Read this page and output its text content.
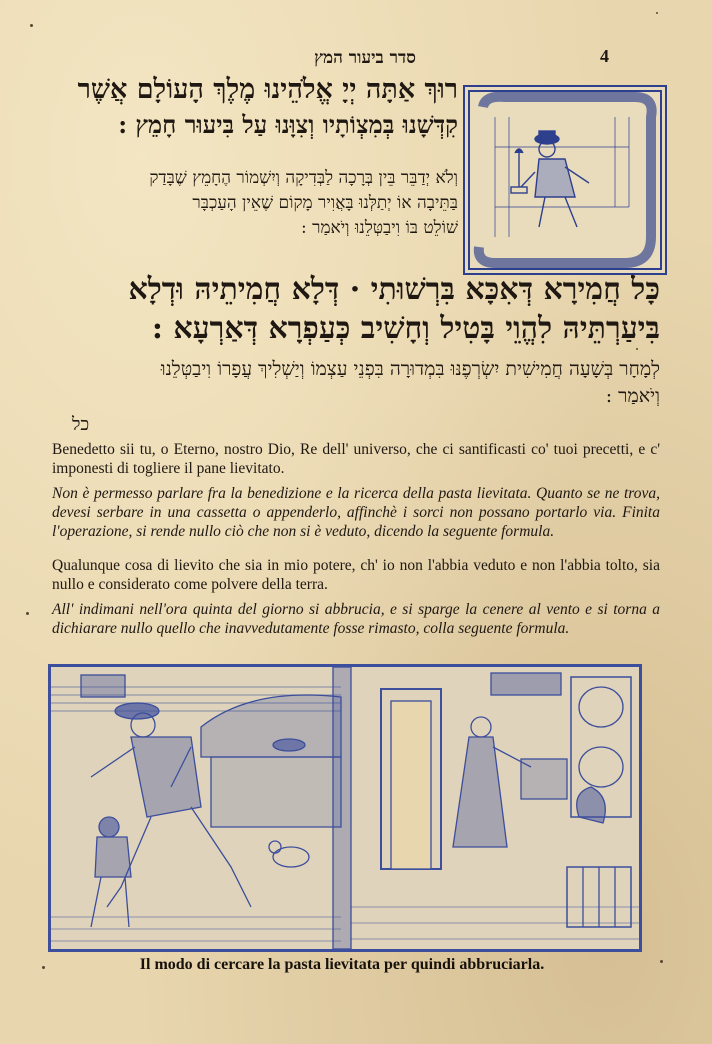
סדר ביעור המץ	4
רוּךְ אַתָּה יְיָ אֱלֹהֵינוּ מֶלֶךְ הָעוֹלָם אֲשֶׁר
קִדְּשָׁנוּ בְּמִצְוֹתָיו וְצִוָּנוּ עַל בִּיעוּר חָמֵץ :
וְלֹא יְדַבֵּר בֵּין בְּרָכָה לַבְּדִיקָה וְיִשְׁמוֹר הֶחָמֵץ שֶׁבָּדַק
בַּתֵּיבָה אוֹ יְתַלְּנוּ בָּאֲוִיר מָקוֹם שֶׁאֵין הָעַכְבָּר
שׁוֹלֵט בּוֹ וִיבַטְּלֵנוּ וְיֹאמַר :
כָּל חֲמִירָא דְּאִכָּא בִּרְשׁוּתִי · דְּלָא חֲמִיתֵיהּ וּדְלָא
בִּיעַרְתֵּיהּ לִהֱוֵי בָּטִיל וְחָשִׁיב כְּעַפְרָא דְּאַרְעָא :
לְמָחָר בְּשָׁעָה חֲמִישִׁית יִשְׂרְפֶנּוּ בִּמְדוּרָה בִּפְנֵי עַצְמוֹ וְיַשְׁלִיךְ עֲפָרוֹ וִיבַטְּלֵנוּ
וְיֹאמַר :
כל
Benedetto sii tu, o Eterno, nostro Dio, Re dell' universo, che ci santificasti co' tuoi precetti, e c' imponesti di togliere il pane lievitato.
Non è permesso parlare fra la benedizione e la ricerca della pasta lievitata. Quanto se ne trova, devesi serbare in una cassetta o appenderlo, affinchè i sorci non possano portarlo via. Finita l'operazione, si rende nullo ciò che non si è veduto, dicendo la seguente formula.
Qualunque cosa di lievito che sia in mio potere, ch' io non l'abbia veduto e non l'abbia tolto, sia nullo e considerato come polvere della terra.
All' indimani nell'ora quinta del giorno si abbrucia, e si sparge la cenere al vento e si torna a dichiarare nullo quello che inavvedutamente fosse rimasto, colla seguente formula.
Il modo di cercare la pasta lievitata per quindi abbruciarla.
